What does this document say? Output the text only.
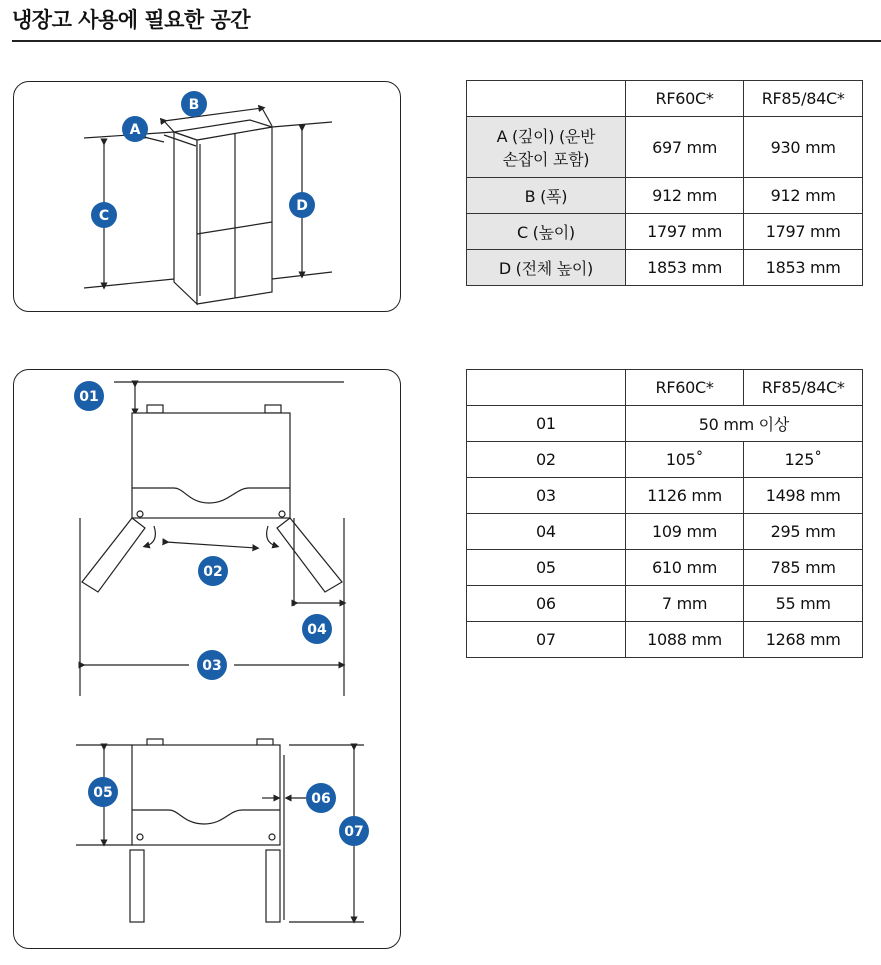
냉장고 사용에 필요한 공간
A
B
C
D
01
02
03
04
05	06
07
	RF60C*	RF85/84C*

A (깊이) (운반
손잡이 포함)	697 mm	930 mm
B (폭)	912 mm	912 mm
C (높이)	1797 mm	1797 mm
D (전체 높이)	1853 mm	1853 mm
	RF60C*	RF85/84C*
01	50 mm 이상	
02	105˚	125˚
03	1126 mm	1498 mm
04	109 mm	295 mm
05	610 mm	785 mm
06	7 mm	55 mm
07	1088 mm	1268 mm
